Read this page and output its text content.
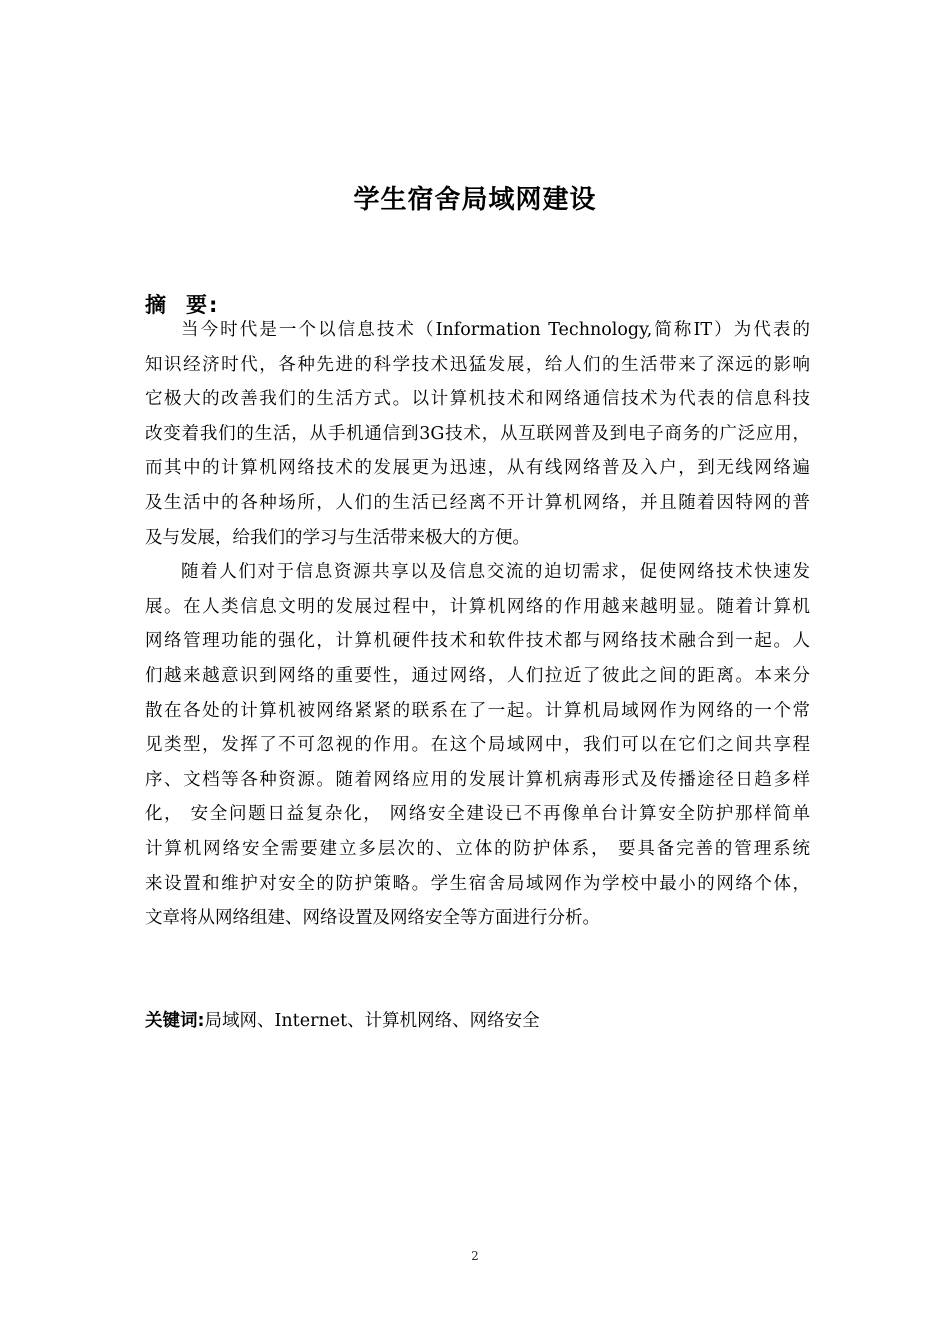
学生宿舍局域网建设
摘 要:
当今时代是一个以信息技术（Information Technology,简称IT）为代表的
知识经济时代，各种先进的科学技术迅猛发展，给人们的生活带来了深远的影响
它极大的改善我们的生活方式。以计算机技术和网络通信技术为代表的信息科技
改变着我们的生活，从手机通信到3G技术，从互联网普及到电子商务的广泛应用，
而其中的计算机网络技术的发展更为迅速，从有线网络普及入户，到无线网络遍
及生活中的各种场所，人们的生活已经离不开计算机网络，并且随着因特网的普
及与发展，给我们的学习与生活带来极大的方便。
随着人们对于信息资源共享以及信息交流的迫切需求，促使网络技术快速发
展。在人类信息文明的发展过程中，计算机网络的作用越来越明显。随着计算机
网络管理功能的强化，计算机硬件技术和软件技术都与网络技术融合到一起。人
们越来越意识到网络的重要性，通过网络，人们拉近了彼此之间的距离。本来分
散在各处的计算机被网络紧紧的联系在了一起。计算机局域网作为网络的一个常
见类型，发挥了不可忽视的作用。在这个局域网中，我们可以在它们之间共享程
序、文档等各种资源。随着网络应用的发展计算机病毒形式及传播途径日趋多样
化， 安全问题日益复杂化， 网络安全建设已不再像单台计算安全防护那样简单
计算机网络安全需要建立多层次的、立体的防护体系， 要具备完善的管理系统
来设置和维护对安全的防护策略。学生宿舍局域网作为学校中最小的网络个体，
文章将从网络组建、网络设置及网络安全等方面进行分析。
关键词:局域网、Internet、计算机网络、网络安全
2
